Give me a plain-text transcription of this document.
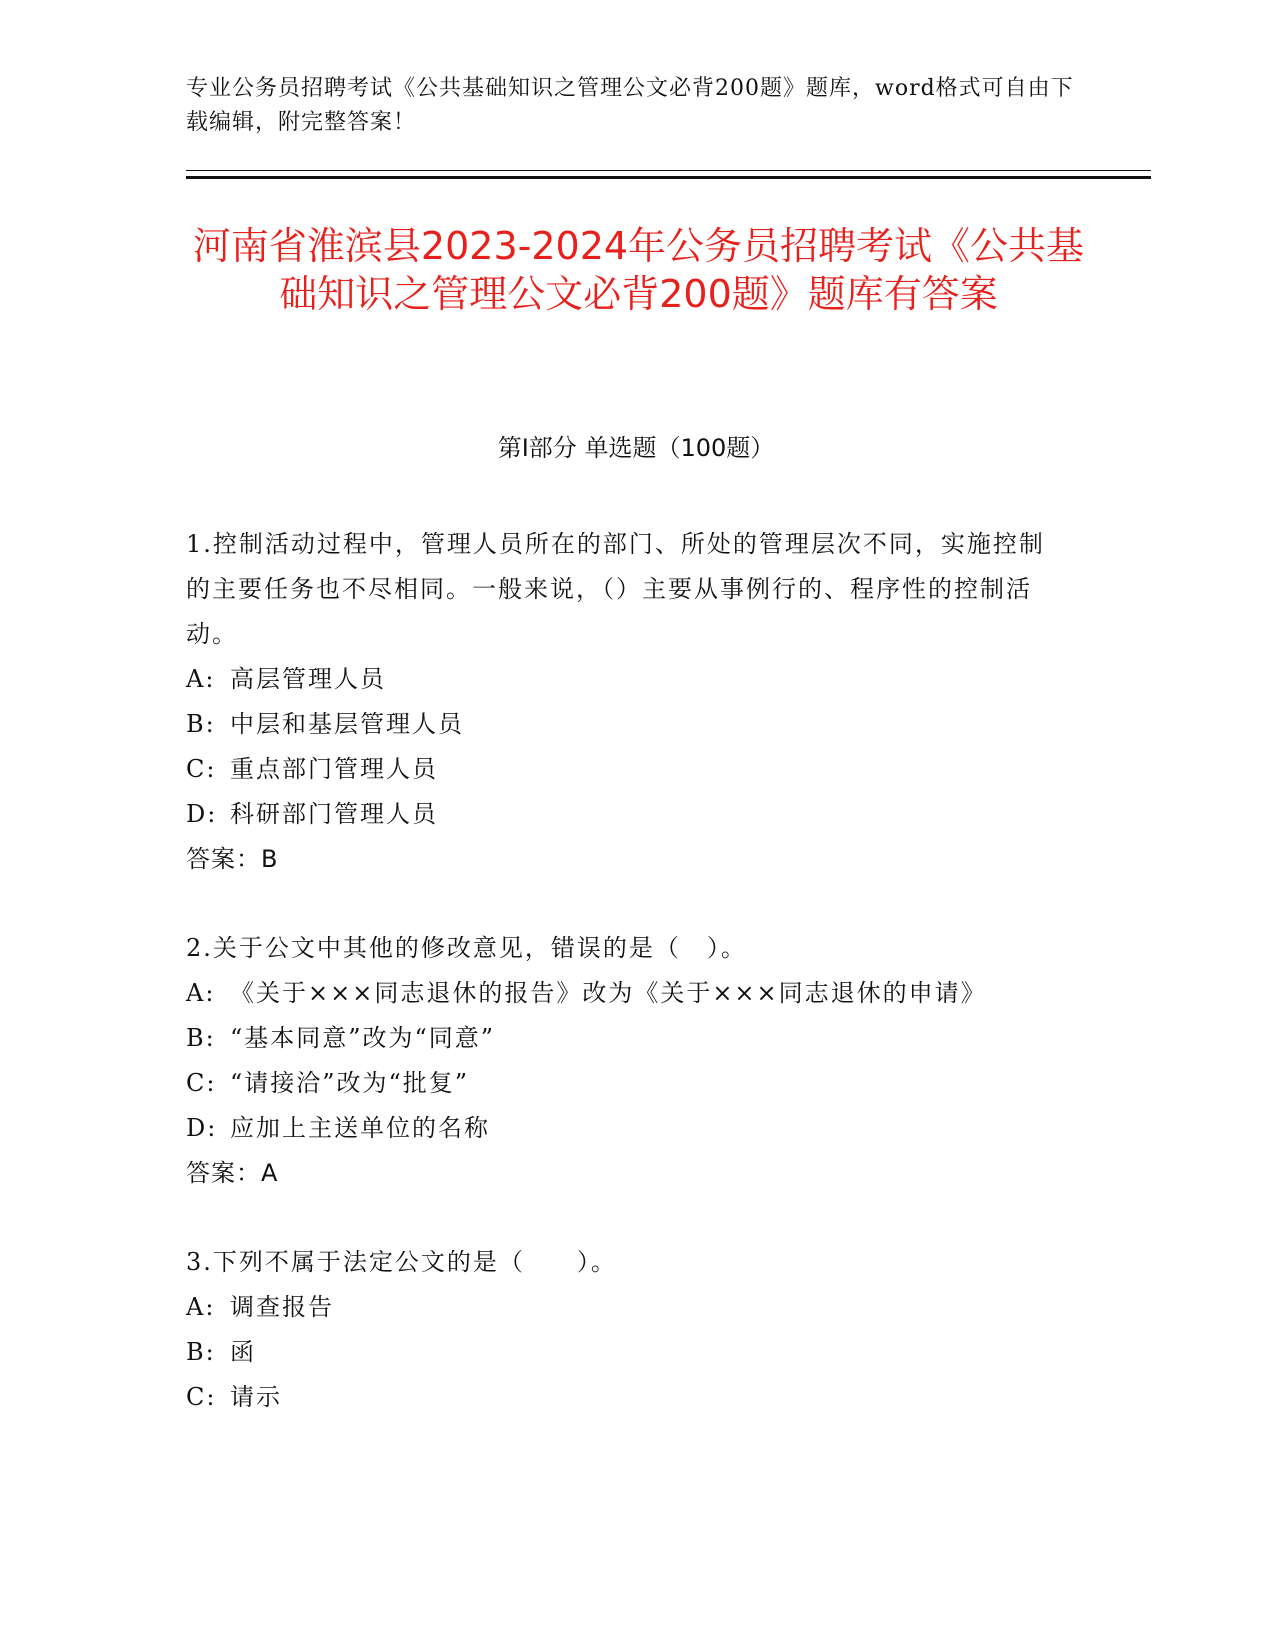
专业公务员招聘考试《公共基础知识之管理公文必背200题》题库，word格式可自由下载编辑，附完整答案！
河南省淮滨县2023-2024年公务员招聘考试《公共基础知识之管理公文必背200题》题库有答案
第Ⅰ部分 单选题（100题）
1.控制活动过程中，管理人员所在的部门、所处的管理层次不同，实施控制的主要任务也不尽相同。一般来说，（）主要从事例行的、程序性的控制活动。
A: 高层管理人员
B: 中层和基层管理人员
C: 重点部门管理人员
D: 科研部门管理人员
答案：B
2.关于公文中其他的修改意见，错误的是（　）。
A: 《关于×××同志退休的报告》改为《关于×××同志退休的申请》
B: “基本同意”改为“同意”
C: “请接洽”改为“批复”
D: 应加上主送单位的名称
答案：A
3.下列不属于法定公文的是（　　）。
A: 调查报告
B: 函
C: 请示
